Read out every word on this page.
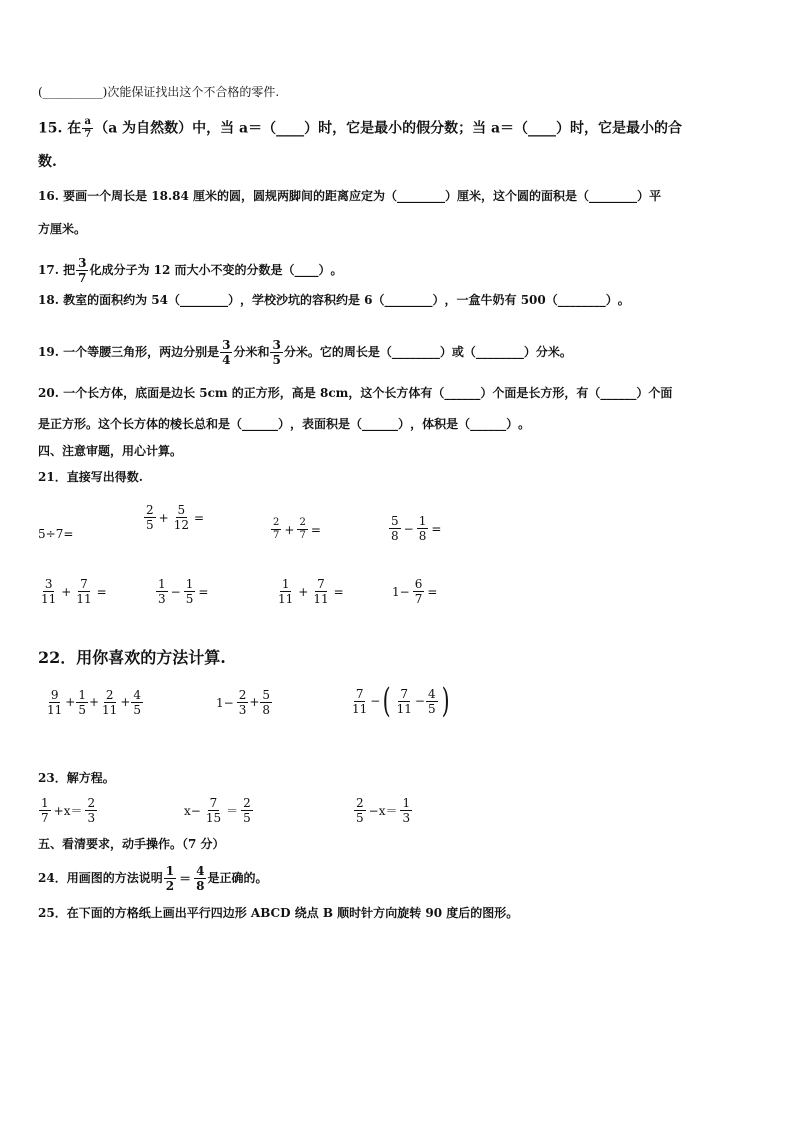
(__________)次能保证找出这个不合格的零件.
15. 在 $\frac{a}{7} (a$ 为自然数）中，当 a＝（____）时，它是最小的假分数；当 a＝（____）时，它是最小的合
数.
16. 要画一个周长是 18.84 厘米的圆，圆规两脚间的距离应定为（________）厘米，这个圆的面积是（________）平
方厘米。
17. 把 $\frac{3}{7}$ 化成分子为 12 而大小不变的分数是（____）。
18. 教室的面积约为 54（________），学校沙坑的容积约是 6（________），一盒牛奶有 500（________）。
19. 一个等腰三角形，两边分别是 $\frac{3}{4}$ 分米和 $\frac{3}{5}$ 分米。它的周长是（________）或（________）分米。
20. 一个长方体，底面是边长 5cm 的正方形，高是 8cm，这个长方体有（______）个面是长方形，有（______）个面
是正方形。这个长方体的棱长总和是（______），表面积是（______），体积是（______）。
四、注意审题，用心计算。
21．直接写出得数.
5÷7=
$\frac{2}{5} + \frac{5}{12}$ =	$\frac{2}{7} + \frac{2}{7}$ =	$\frac{5}{8} - \frac{1}{8}$ =
$\frac{3}{11} + \frac{7}{11}$ =	$\frac{1}{3} - \frac{1}{5}$ =	$\frac{1}{11} + \frac{7}{11}$ =	$1- \frac{6}{7}$ =
22．用你喜欢的方法计算.
$\frac{9}{11} + \frac{1}{5} + \frac{2}{11} + \frac{4}{5}$	$1- \frac{2}{3} + \frac{5}{8}$	$\frac{7}{11}$ −( $\frac{7}{11} - \frac{4}{5}$ )
23．解方程。
$\frac{1}{7} +x= \frac{2}{3}$	$x- \frac{7}{15} = \frac{2}{5}$	$\frac{2}{5} -x= \frac{1}{3}$
五、看清要求，动手操作。（7 分）
24．用画图的方法说明 $\frac{1}{2} = \frac{4}{8}$ 是正确的。
25．在下面的方格纸上画出平行四边形 ABCD 绕点 B 顺时针方向旋转 90 度后的图形。
